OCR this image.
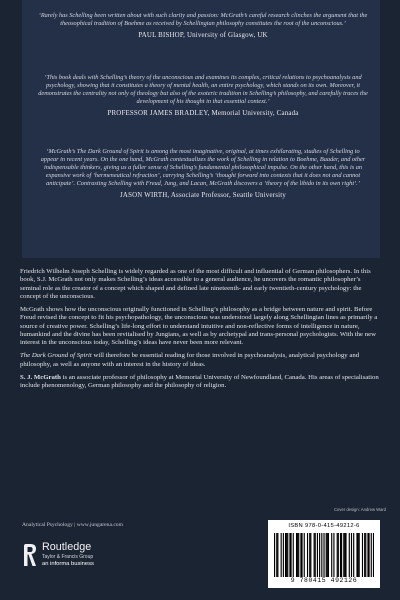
‘Rarely has Schelling been written about with such clarity and passion: McGrath’s careful research clinches the argument that the theosophical tradition of Boehme as received by Schellingian philosophy constitutes the root of the unconscious.’

PAUL BISHOP, University of Glasgow, UK

‘This book deals with Schelling’s theory of the unconscious and examines its complex, critical relations to psychoanalysis and psychology, showing that it constitutes a theory of mental health, an entire psychology, which stands on its own. Moreover, it demonstrates the centrality not only of theology but also of the esoteric tradition in Schelling’s philosophy, and carefully traces the development of his thought in that essential context.’

PROFESSOR JAMES BRADLEY, Memorial University, Canada

‘McGrath’s The Dark Ground of Spirit is among the most imaginative, original, at times exhilarating, studies of Schelling to appear in recent years. On the one hand, McGrath contextualizes the work of Schelling in relation to Boehme, Baader, and other indispensable thinkers, giving us a fuller sense of Schelling’s fundamental philosophical impulse. On the other hand, this is an expansive work of ‘hermeneutical refraction’, carrying Schelling’s ‘thought forward into contexts that it does not and cannot anticipate’. Contrasting Schelling with Freud, Jung, and Lacan, McGrath discovers a ‘theory of the libido in its own right’.’

JASON WIRTH, Associate Professor, Seattle University

Friedrich Wilhelm Joseph Schelling is widely regarded as one of the most difficult and influential of German philosophers. In this book, S.J. McGrath not only makes Schelling’s ideas accessible to a general audience, he uncovers the romantic philosopher’s seminal role as the creator of a concept which shaped and defined late nineteenth- and early twentieth-century psychology: the concept of the unconscious.

McGrath shows how the unconscious originally functioned in Schelling’s philosophy as a bridge between nature and spirit. Before Freud revised the concept to fit his psychopathology, the unconscious was understood largely along Schellingian lines as primarily a source of creative power. Schelling’s life-long effort to understand intuitive and non-reflective forms of intelligence in nature, humankind and the divine has been revitalised by Jungians, as well as by archetypal and trans-personal psychologists. With the new interest in the unconscious today, Schelling’s ideas have never been more relevant.

The Dark Ground of Spirit will therefore be essential reading for those involved in psychoanalysis, analytical psychology and philosophy, as well as anyone with an interest in the history of ideas.

S. J. McGrath is an associate professor of philosophy at Memorial University of Newfoundland, Canada. His areas of specialisation include phenomenology, German philosophy and the philosophy of religion.

Cover design: Andrew Ward
Analytical Psychology | www.jungarena.com
Routledge
Taylor & Francis Group
an informa business
ISBN 978-0-415-49212-6
9 780415 492126
